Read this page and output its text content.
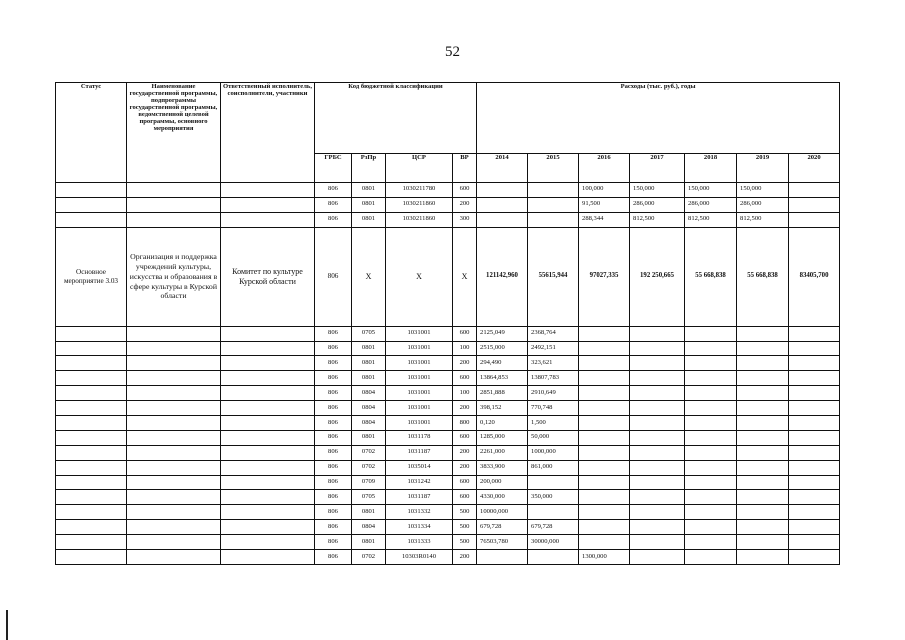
52
Статус	Наименование государственной программы, подпрограммы государственной программы, ведомственной целевой программы, основного мероприятия	Ответственный исполнитель, соисполнители, участники	Код бюджетной классификации				Расходы (тыс. руб.), годы						
			ГРБС	РзПр	ЦСР	ВР	2014	2015	2016	2017	2018	2019	2020
			806	0801	1030211780	600			100,000	150,000	150,000	150,000	
			806	0801	1030211860	200			91,500	286,000	286,000	286,000	
			806	0801	1030211860	300			288,344	812,500	812,500	812,500	
Основное мероприятие 3.03	Организация и поддержка учреждений культуры, искусства и образования в сфере культуры в Курской области	Комитет по культуре Курской области	806	Х	Х	Х	121142,960	55615,944	97027,335	192 250,665	55 668,838	55 668,838	83405,700
			806	0705	1031001	600	2125,049	2368,764					
			806	0801	1031001	100	2515,000	2492,151					
			806	0801	1031001	200	294,490	323,621					
			806	0801	1031001	600	13864,853	13807,783					
			806	0804	1031001	100	2851,888	2910,649					
			806	0804	1031001	200	398,152	770,748					
			806	0804	1031001	800	0,120	1,500					
			806	0801	1031178	600	1285,000	50,000					
			806	0702	1031187	200	2261,000	1000,000					
			806	0702	1035014	200	3833,900	861,000					
			806	0709	1031242	600	200,000						
			806	0705	1031187	600	4330,000	350,000					
			806	0801	1031332	500	10000,000						
			806	0804	1031334	500	679,728	679,728					
			806	0801	1031333	500	76503,780	30000,000					
			806	0702	10303R0140	200			1300,000				
